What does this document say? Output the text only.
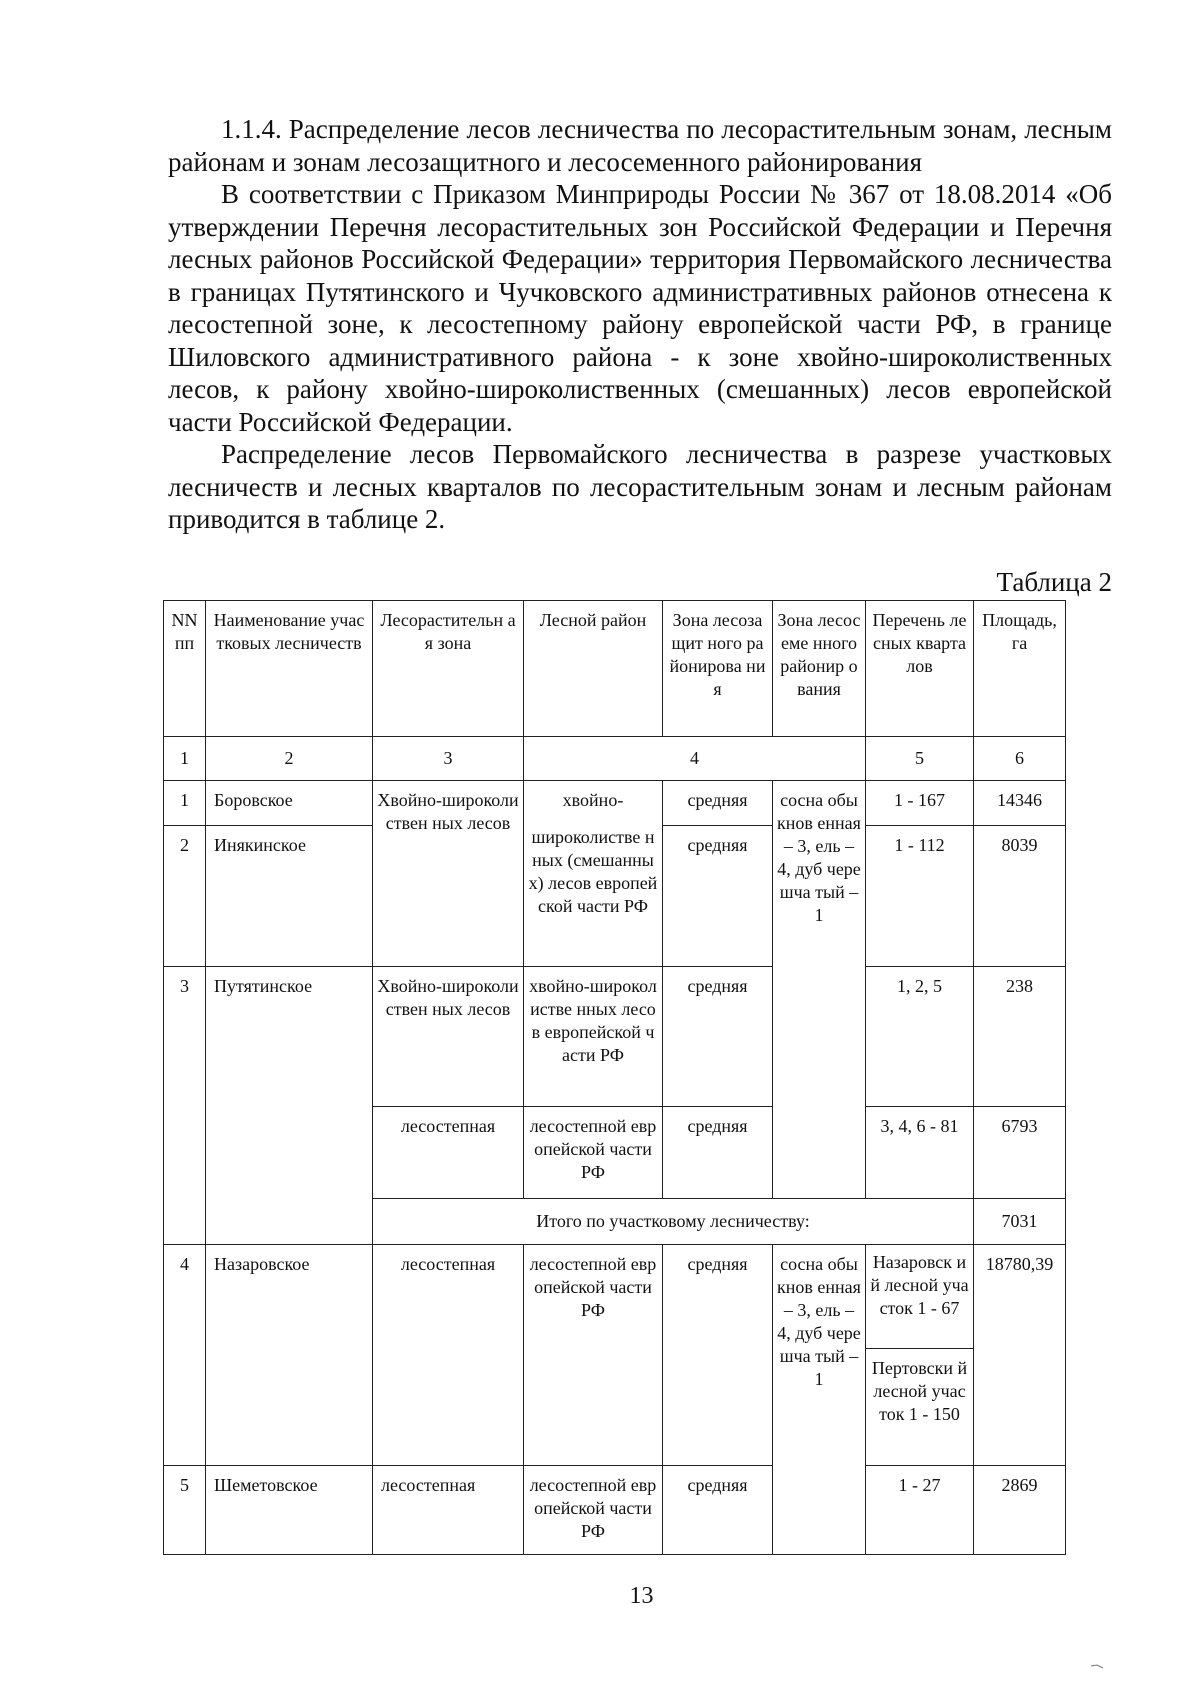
1.1.4. Распределение лесов лесничества по лесорастительным зонам, лесным районам и зонам лесозащитного и лесосеменного районирования

В соответствии с Приказом Минприроды России № 367 от 18.08.2014 «Об утверждении Перечня лесорастительных зон Российской Федерации и Перечня лесных районов Российской Федерации» территория Первомайского лесничества в границах Путятинского и Чучковского административных районов отнесена к лесостепной зоне, к лесостепному району европейской части РФ, в границе Шиловского административного района - к зоне хвойно-широколиственных лесов, к району хвойно-широколиственных (смешанных) лесов европейской части Российской Федерации.

Распределение лесов Первомайского лесничества в разрезе участковых лесничеств и лесных кварталов по лесорастительным зонам и лесным районам приводится в таблице 2.

Таблица 2
NN пп	Наименование участковых лесничеств	Лесорастительн ая зона	Лесной район	Зона лесозащит ного районирова ния	Зона лесосеме нного районир ования	Перечень лесных кварталов	Площадь, га
1	2	3	4			5	6
1	Боровское	Хвойно-широколиствен ных лесов	хвойно-	средняя	сосна обыкнов енная – 3, ель – 4, дуб черешча тый – 1	1 - 167	14346
2	Инякинское		широколистве нных (смешанных) лесов европейской части РФ	средняя		1 - 112	8039
3	Путятинское	Хвойно-широколиствен ных лесов	хвойно-широколистве нных лесов европейской части РФ	средняя		1, 2, 5	238
		лесостепная	лесостепной европейской части РФ	средняя		3, 4, 6 - 81	6793
		Итого по участковому лесничеству:					7031
4	Назаровское	лесостепная	лесостепной европейской части РФ	средняя	сосна обыкнов енная – 3, ель – 4, дуб черешча тый – 1	Назаровск ий лесной участок 1 - 67	18780,39
						Пертовски й лесной участок 1 - 150	
5	Шеметовское	лесостепная	лесостепной европейской части РФ	средняя		1 - 27	2869
13
